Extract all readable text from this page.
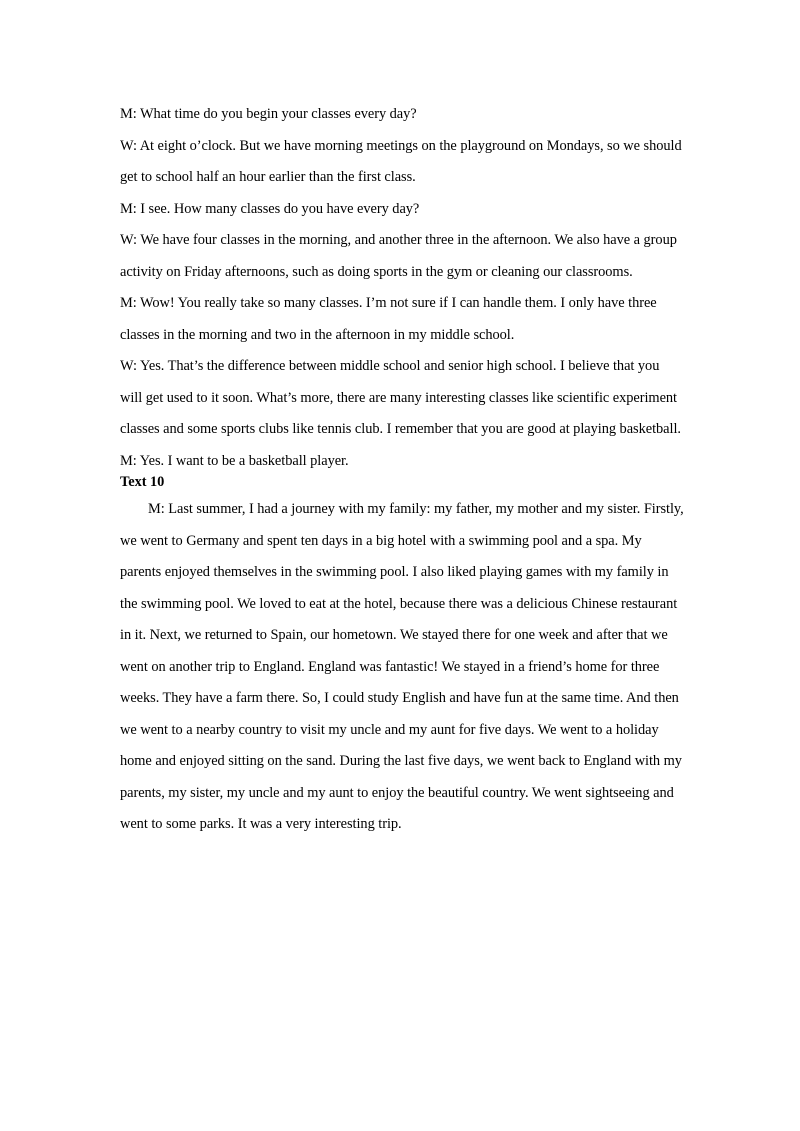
M: What time do you begin your classes every day?

W: At eight o’clock. But we have morning meetings on the playground on Mondays, so we should

get to school half an hour earlier than the first class.

M: I see. How many classes do you have every day?

W: We have four classes in the morning, and another three in the afternoon. We also have a group

activity on Friday afternoons, such as doing sports in the gym or cleaning our classrooms.

M: Wow! You really take so many classes. I’m not sure if I can handle them. I only have three

classes in the morning and two in the afternoon in my middle school.

W: Yes. That’s the difference between middle school and senior high school. I believe that you

will get used to it soon. What’s more, there are many interesting classes like scientific experiment

classes and some sports clubs like tennis club. I remember that you are good at playing basketball.

M: Yes. I want to be a basketball player.

Text 10

M: Last summer, I had a journey with my family: my father, my mother and my sister. Firstly,

we went to Germany and spent ten days in a big hotel with a swimming pool and a spa. My

parents enjoyed themselves in the swimming pool. I also liked playing games with my family in

the swimming pool. We loved to eat at the hotel, because there was a delicious Chinese restaurant

in it. Next, we returned to Spain, our hometown. We stayed there for one week and after that we

went on another trip to England. England was fantastic! We stayed in a friend’s home for three

weeks. They have a farm there. So, I could study English and have fun at the same time. And then

we went to a nearby country to visit my uncle and my aunt for five days. We went to a holiday

home and enjoyed sitting on the sand. During the last five days, we went back to England with my

parents, my sister, my uncle and my aunt to enjoy the beautiful country. We went sightseeing and

went to some parks. It was a very interesting trip.
